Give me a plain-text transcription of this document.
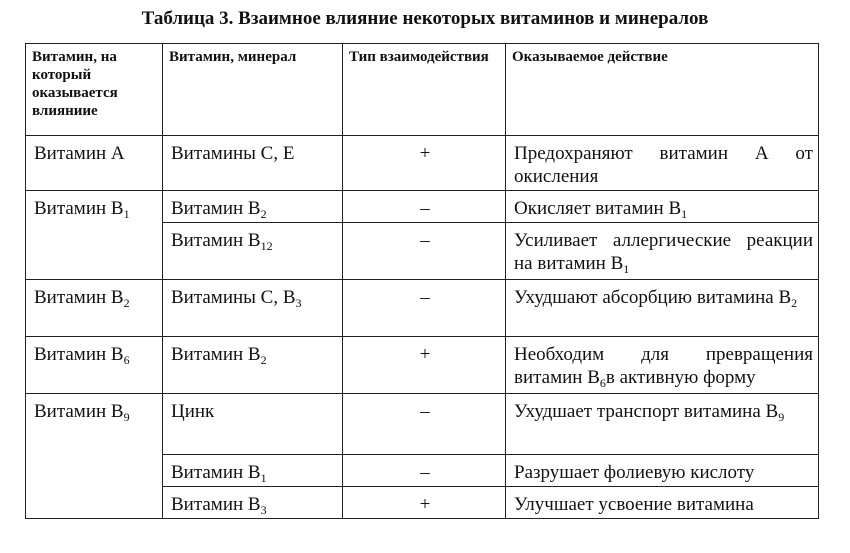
Таблица 3. Взаимное влияние некоторых витаминов и минералов
Витамин, на который оказывается влияниие	Витамин, минерал	Тип взаимодействия	Оказываемое действие
Витамин А	Витамины С, Е	+	Предохраняют витамин А от окисления
Витамин $В_1$	Витамин $В_2$	–	Окисляет витамин $В_1$
	Витамин $В_{12}$	–	Усиливает аллергические реакции на витамин $В_1$
Витамин $В_2$	Витамины С, $В_3$	–	Ухудшают абсорбцию витамина $В_2$
Витамин $В_6$	Витамин $В_2$	+	Необходим для превращения витамин $В_6в$ активную форму
Витамин $В_9$	Цинк	–	Ухудшает транспорт витамина $В_9$
	Витамин $В_1$	–	Разрушает фолиевую кислоту
	Витамин $В_3$	+	Улучшает усвоение витамина
